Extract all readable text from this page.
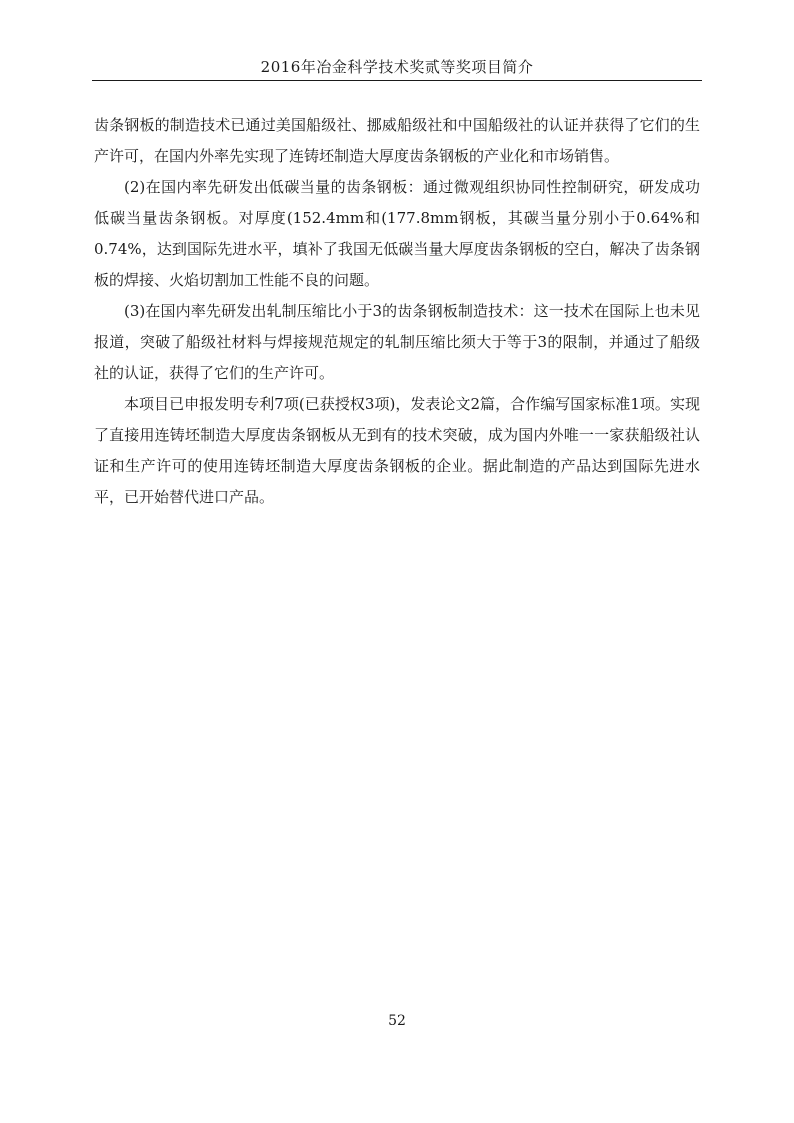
2016年冶金科学技术奖贰等奖项目简介

齿条钢板的制造技术已通过美国船级社、挪威船级社和中国船级社的认证并获得了它们的生产许可，在国内外率先实现了连铸坯制造大厚度齿条钢板的产业化和市场销售。

(2)在国内率先研发出低碳当量的齿条钢板：通过微观组织协同性控制研究，研发成功低碳当量齿条钢板。对厚度(152.4mm和(177.8mm钢板，其碳当量分别小于0.64%和0.74%，达到国际先进水平，填补了我国无低碳当量大厚度齿条钢板的空白，解决了齿条钢板的焊接、火焰切割加工性能不良的问题。

(3)在国内率先研发出轧制压缩比小于3的齿条钢板制造技术：这一技术在国际上也未见报道，突破了船级社材料与焊接规范规定的轧制压缩比须大于等于3的限制，并通过了船级社的认证，获得了它们的生产许可。

本项目已申报发明专利7项(已获授权3项)，发表论文2篇，合作编写国家标准1项。实现了直接用连铸坯制造大厚度齿条钢板从无到有的技术突破，成为国内外唯一一家获船级社认证和生产许可的使用连铸坯制造大厚度齿条钢板的企业。据此制造的产品达到国际先进水平，已开始替代进口产品。

52
